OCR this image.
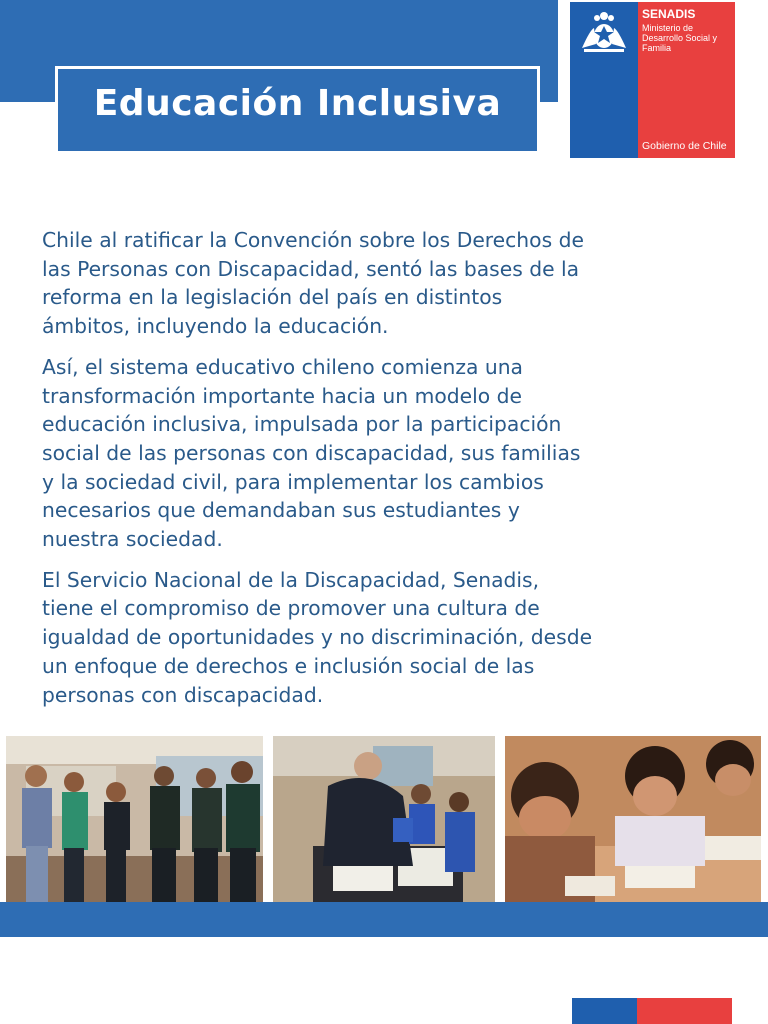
Educación Inclusiva
SENADIS
Ministerio de Desarrollo Social y Familia
Gobierno de Chile

Chile al ratificar la Convención sobre los Derechos de
las Personas con Discapacidad, sentó las bases de la
reforma en la legislación del país en distintos
ámbitos, incluyendo la educación.

Así, el sistema educativo chileno comienza una
transformación importante hacia un modelo de
educación inclusiva, impulsada por la participación
social de las personas con discapacidad, sus familias
y la sociedad civil, para implementar los cambios
necesarios que demandaban sus estudiantes y
nuestra sociedad.

El Servicio Nacional de la Discapacidad, Senadis,
tiene el compromiso de promover una cultura de
igualdad de oportunidades y no discriminación, desde
un enfoque de derechos e inclusión social de las
personas con discapacidad.
